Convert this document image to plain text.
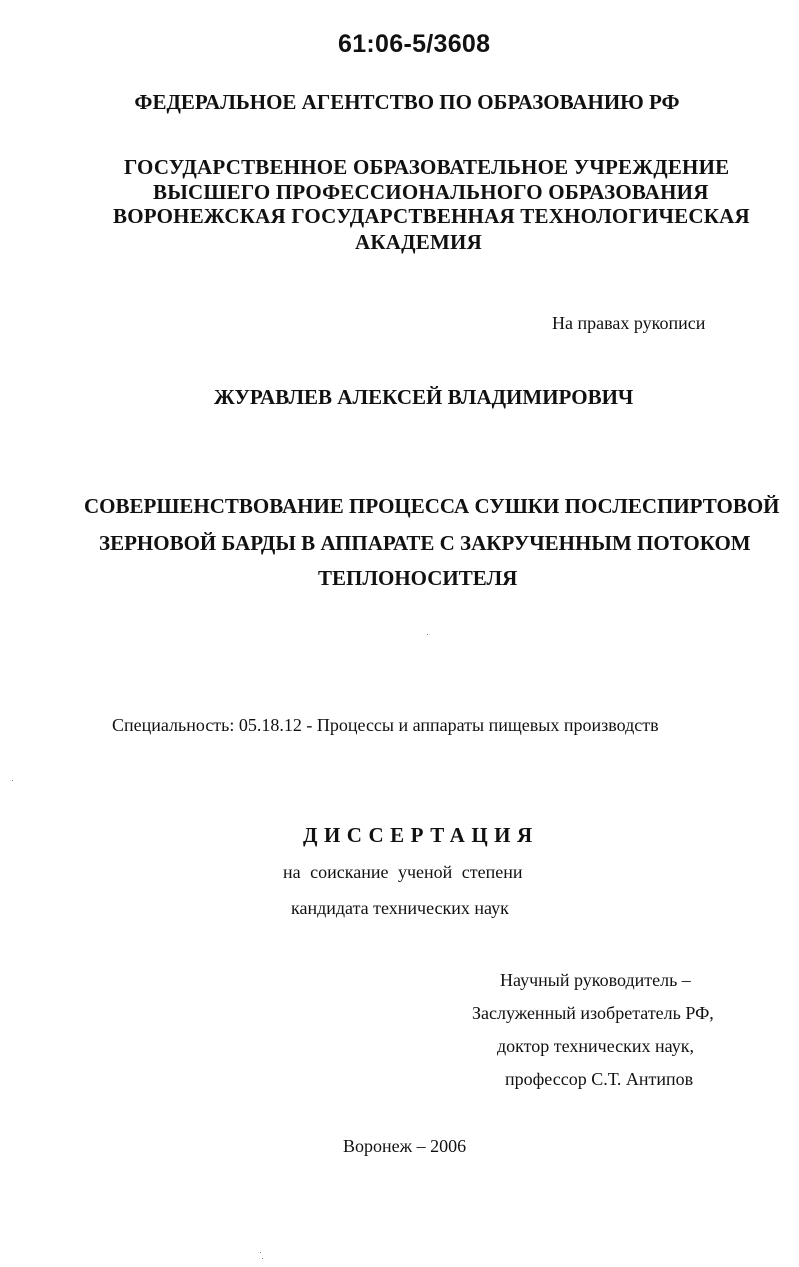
61:06-5/3608
ФЕДЕРАЛЬНОЕ АГЕНТСТВО ПО ОБРАЗОВАНИЮ РФ
ГОСУДАРСТВЕННОЕ ОБРАЗОВАТЕЛЬНОЕ УЧРЕЖДЕНИЕ
ВЫСШЕГО ПРОФЕССИОНАЛЬНОГО ОБРАЗОВАНИЯ
ВОРОНЕЖСКАЯ ГОСУДАРСТВЕННАЯ ТЕХНОЛОГИЧЕСКАЯ
АКАДЕМИЯ
На правах рукописи
ЖУРАВЛЕВ АЛЕКСЕЙ ВЛАДИМИРОВИЧ
СОВЕРШЕНСТВОВАНИЕ ПРОЦЕССА СУШКИ ПОСЛЕСПИРТОВОЙ
ЗЕРНОВОЙ БАРДЫ В АППАРАТЕ С ЗАКРУЧЕННЫМ ПОТОКОМ
ТЕПЛОНОСИТЕЛЯ
Специальность: 05.18.12 - Процессы и аппараты пищевых производств
ДИССЕРТАЦИЯ
на соискание ученой степени
кандидата технических наук
Научный руководитель –
Заслуженный изобретатель РФ,
доктор технических наук,
профессор С.Т. Антипов
Воронеж – 2006
